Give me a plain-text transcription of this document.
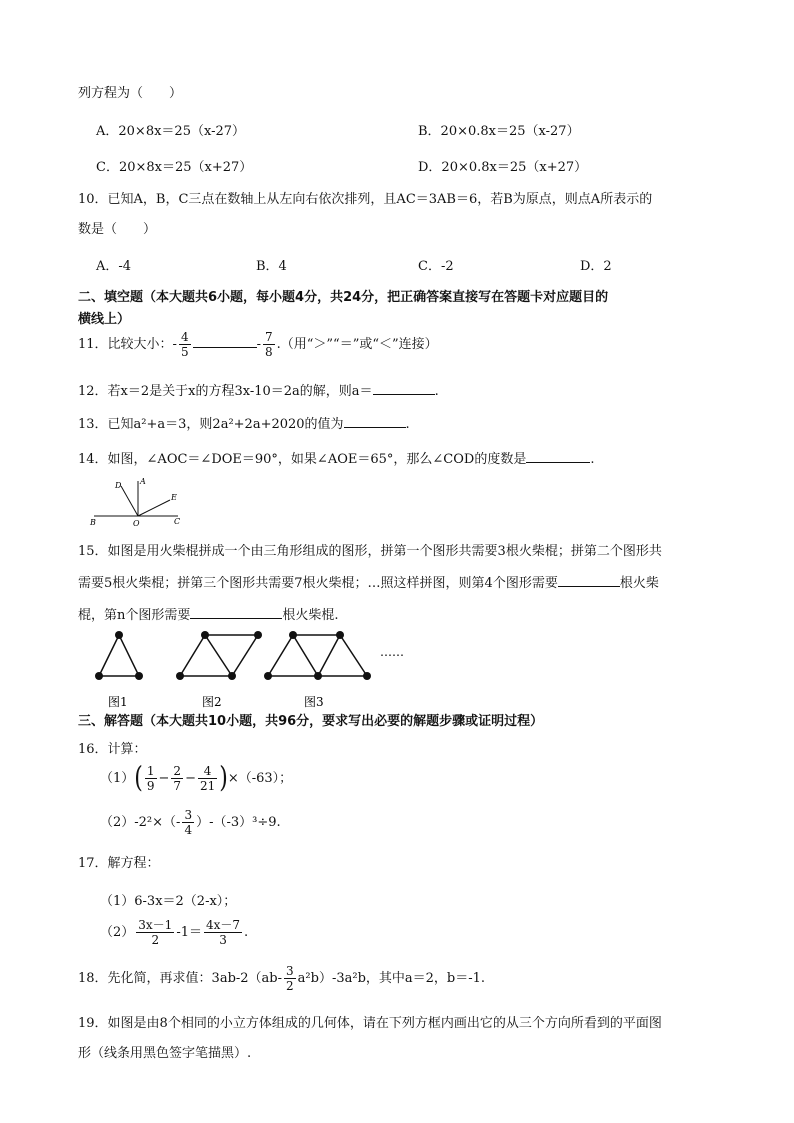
列方程为（　　）
A．20×8x＝25（x-27）	B．20×0.8x＝25（x-27）
C．20×8x＝25（x+27）	D．20×0.8x＝25（x+27）
10．已知A，B，C三点在数轴上从左向右依次排列，且AC＝3AB＝6，若B为原点，则点A所表示的
数是（　　）
A．-4	B．4	C．-2	D．2
二、填空题（本大题共6小题，每小题4分，共24分，把正确答案直接写在答题卡对应题目的
横线上）
11．比较大小：- $\frac{4}{5}$	- $\frac{7}{8}$ .（用“＞”“＝”或“＜”连接）
12．若x＝2是关于x的方程3x-10＝2a的解，则a＝	.
13．已知a²+a＝3，则2a²+2a+2020的值为	.
14．如图，∠AOC＝∠DOE＝90°，如果∠AOE＝65°，那么∠COD的度数是	.
A
B	C
D
E
O
15．如图是用火柴棍拼成一个由三角形组成的图形，拼第一个图形共需要3根火柴棍；拼第二个图形共
需要5根火柴棍；拼第三个图形共需要7根火柴棍；…照这样拼图，则第4个图形需要	根火柴
棍，第n个图形需要	根火柴棍.
……
图1	图2	图3
三、解答题（本大题共10小题，共96分，要求写出必要的解题步骤或证明过程）
16．计算：
$(1)( \frac{1}{9} - \frac{2}{7} - \frac{4}{21} )\times(-63)$；
$(2)-2^2\times(- \frac{3}{4} )-(-3)^3\div 9$.
17．解方程：
（1）6-3x＝2（2-x）；
$(2) \frac{3x-1}{2} -1= \frac{4x-7}{3}$ .
18．先化简，再求值：$3ab-2(ab- \frac{3}{2} a^2b)-3a^2b$，其中a＝2，b＝-1.
19．如图是由8个相同的小立方体组成的几何体，请在下列方框内画出它的从三个方向所看到的平面图
形（线条用黑色签字笔描黑）.
